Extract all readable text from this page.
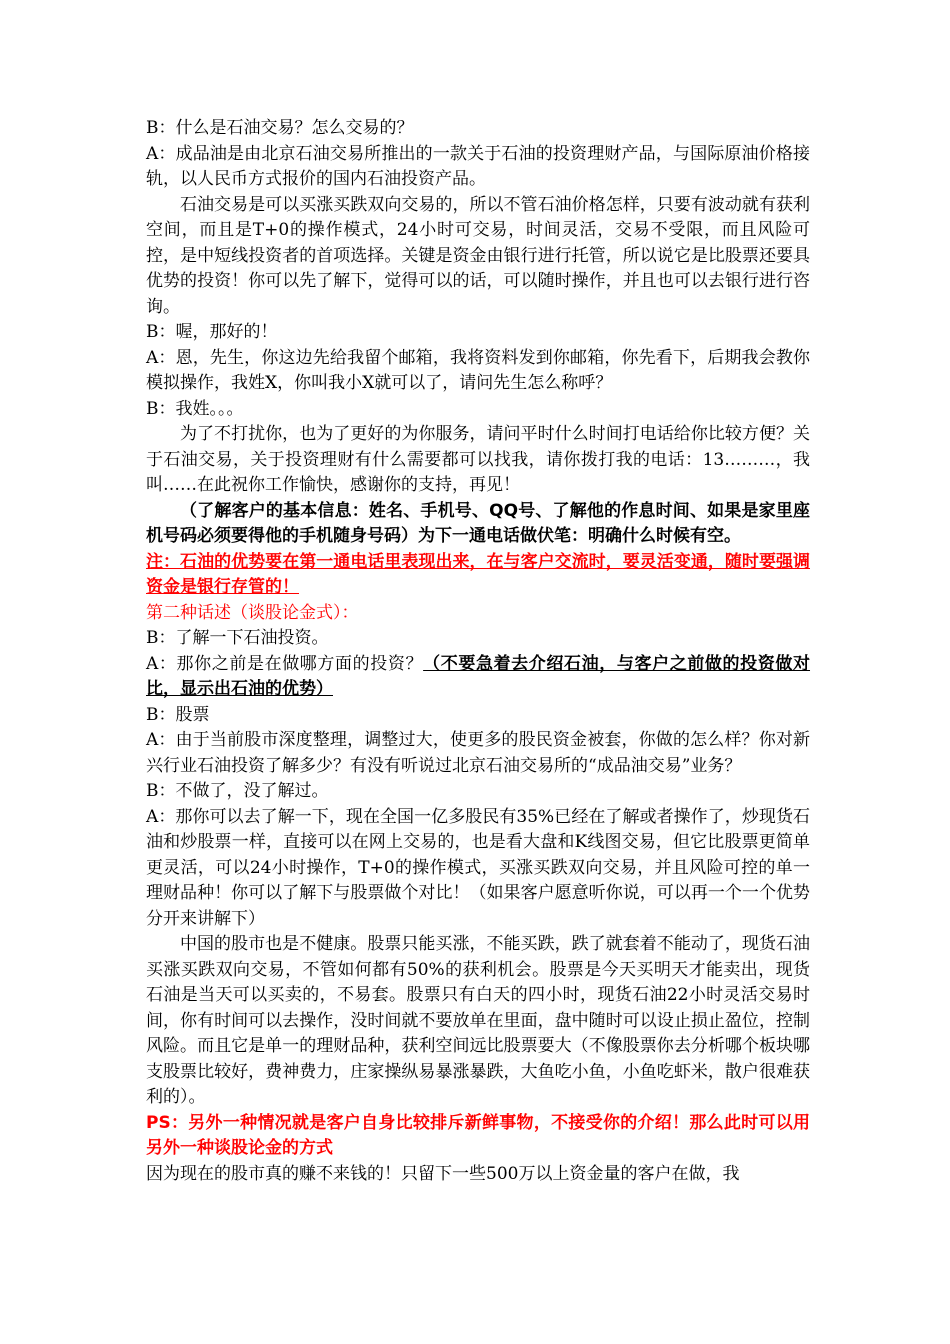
B：什么是石油交易？怎么交易的？

A：成品油是由北京石油交易所推出的一款关于石油的投资理财产品，与国际原油价格接轨，以人民币方式报价的国内石油投资产品。

石油交易是可以买涨买跌双向交易的，所以不管石油价格怎样，只要有波动就有获利空间，而且是T+0的操作模式，24小时可交易，时间灵活，交易不受限，而且风险可控，是中短线投资者的首项选择。关键是资金由银行进行托管，所以说它是比股票还要具优势的投资！你可以先了解下，觉得可以的话，可以随时操作，并且也可以去银行进行咨询。

B：喔，那好的！

A：恩，先生，你这边先给我留个邮箱，我将资料发到你邮箱，你先看下，后期我会教你模拟操作，我姓X，你叫我小X就可以了，请问先生怎么称呼？

B：我姓。。。

为了不打扰你，也为了更好的为你服务，请问平时什么时间打电话给你比较方便？关于石油交易，关于投资理财有什么需要都可以找我，请你拨打我的电话：13………，我叫……在此祝你工作愉快，感谢你的支持，再见！

（了解客户的基本信息：姓名、手机号、QQ号、了解他的作息时间、如果是家里座机号码必须要得他的手机随身号码）为下一通电话做伏笔：明确什么时候有空。

注：石油的优势要在第一通电话里表现出来，在与客户交流时，要灵活变通，随时要强调资金是银行存管的！

第二种话述（谈股论金式）：

B：了解一下石油投资。

A：那你之前是在做哪方面的投资？（不要急着去介绍石油，与客户之前做的投资做对比，显示出石油的优势）

B：股票

A：由于当前股市深度整理，调整过大，使更多的股民资金被套，你做的怎么样？你对新兴行业石油投资了解多少？有没有听说过北京石油交易所的“成品油交易”业务？

B：不做了，没了解过。

A：那你可以去了解一下，现在全国一亿多股民有35%已经在了解或者操作了，炒现货石油和炒股票一样，直接可以在网上交易的，也是看大盘和K线图交易，但它比股票更简单更灵活，可以24小时操作，T+0的操作模式，买涨买跌双向交易，并且风险可控的单一理财品种！你可以了解下与股票做个对比！（如果客户愿意听你说，可以再一个一个优势分开来讲解下）

中国的股市也是不健康。股票只能买涨，不能买跌，跌了就套着不能动了，现货石油买涨买跌双向交易，不管如何都有50%的获利机会。股票是今天买明天才能卖出，现货石油是当天可以买卖的，不易套。股票只有白天的四小时，现货石油22小时灵活交易时间，你有时间可以去操作，没时间就不要放单在里面，盘中随时可以设止损止盈位，控制风险。而且它是单一的理财品种，获利空间远比股票要大（不像股票你去分析哪个板块哪支股票比较好，费神费力，庄家操纵易暴涨暴跌，大鱼吃小鱼，小鱼吃虾米，散户很难获利的）。

PS：另外一种情况就是客户自身比较排斥新鲜事物，不接受你的介绍！那么此时可以用另外一种谈股论金的方式

因为现在的股市真的赚不来钱的！只留下一些500万以上资金量的客户在做，我
